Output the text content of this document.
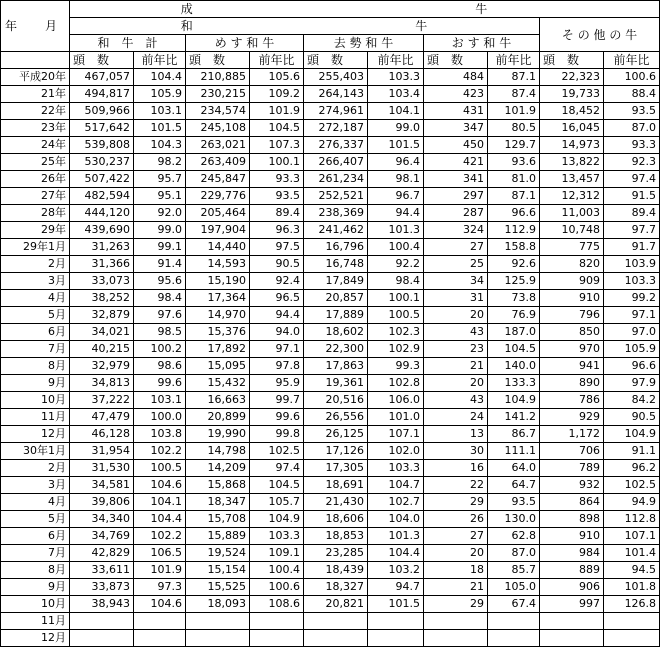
年　月	成				牛					
	和				牛				そ の 他 の 牛	
	和　牛　計		め す 和 牛		去 勢 和 牛		お す 和 牛			
	頭　数	前年比	頭　数	前年比	頭　数	前年比	頭　数	前年比	頭　数	前年比
平成20年	467,057	104.4	210,885	105.6	255,403	103.3	484	87.1	22,323	100.6
21年	494,817	105.9	230,215	109.2	264,143	103.4	423	87.4	19,733	88.4
22年	509,966	103.1	234,574	101.9	274,961	104.1	431	101.9	18,452	93.5
23年	517,642	101.5	245,108	104.5	272,187	99.0	347	80.5	16,045	87.0
24年	539,808	104.3	263,021	107.3	276,337	101.5	450	129.7	14,973	93.3
25年	530,237	98.2	263,409	100.1	266,407	96.4	421	93.6	13,822	92.3
26年	507,422	95.7	245,847	93.3	261,234	98.1	341	81.0	13,457	97.4
27年	482,594	95.1	229,776	93.5	252,521	96.7	297	87.1	12,312	91.5
28年	444,120	92.0	205,464	89.4	238,369	94.4	287	96.6	11,003	89.4
29年	439,690	99.0	197,904	96.3	241,462	101.3	324	112.9	10,748	97.7
29年1月	31,263	99.1	14,440	97.5	16,796	100.4	27	158.8	775	91.7
2月	31,366	91.4	14,593	90.5	16,748	92.2	25	92.6	820	103.9
3月	33,073	95.6	15,190	92.4	17,849	98.4	34	125.9	909	103.3
4月	38,252	98.4	17,364	96.5	20,857	100.1	31	73.8	910	99.2
5月	32,879	97.6	14,970	94.4	17,889	100.5	20	76.9	796	97.1
6月	34,021	98.5	15,376	94.0	18,602	102.3	43	187.0	850	97.0
7月	40,215	100.2	17,892	97.1	22,300	102.9	23	104.5	970	105.9
8月	32,979	98.6	15,095	97.8	17,863	99.3	21	140.0	941	96.6
9月	34,813	99.6	15,432	95.9	19,361	102.8	20	133.3	890	97.9
10月	37,222	103.1	16,663	99.7	20,516	106.0	43	104.9	786	84.2
11月	47,479	100.0	20,899	99.6	26,556	101.0	24	141.2	929	90.5
12月	46,128	103.8	19,990	99.8	26,125	107.1	13	86.7	1,172	104.9
30年1月	31,954	102.2	14,798	102.5	17,126	102.0	30	111.1	706	91.1
2月	31,530	100.5	14,209	97.4	17,305	103.3	16	64.0	789	96.2
3月	34,581	104.6	15,868	104.5	18,691	104.7	22	64.7	932	102.5
4月	39,806	104.1	18,347	105.7	21,430	102.7	29	93.5	864	94.9
5月	34,340	104.4	15,708	104.9	18,606	104.0	26	130.0	898	112.8
6月	34,769	102.2	15,889	103.3	18,853	101.3	27	62.8	910	107.1
7月	42,829	106.5	19,524	109.1	23,285	104.4	20	87.0	984	101.4
8月	33,611	101.9	15,154	100.4	18,439	103.2	18	85.7	889	94.5
9月	33,873	97.3	15,525	100.6	18,327	94.7	21	105.0	906	101.8
10月	38,943	104.6	18,093	108.6	20,821	101.5	29	67.4	997	126.8
11月										
12月										
